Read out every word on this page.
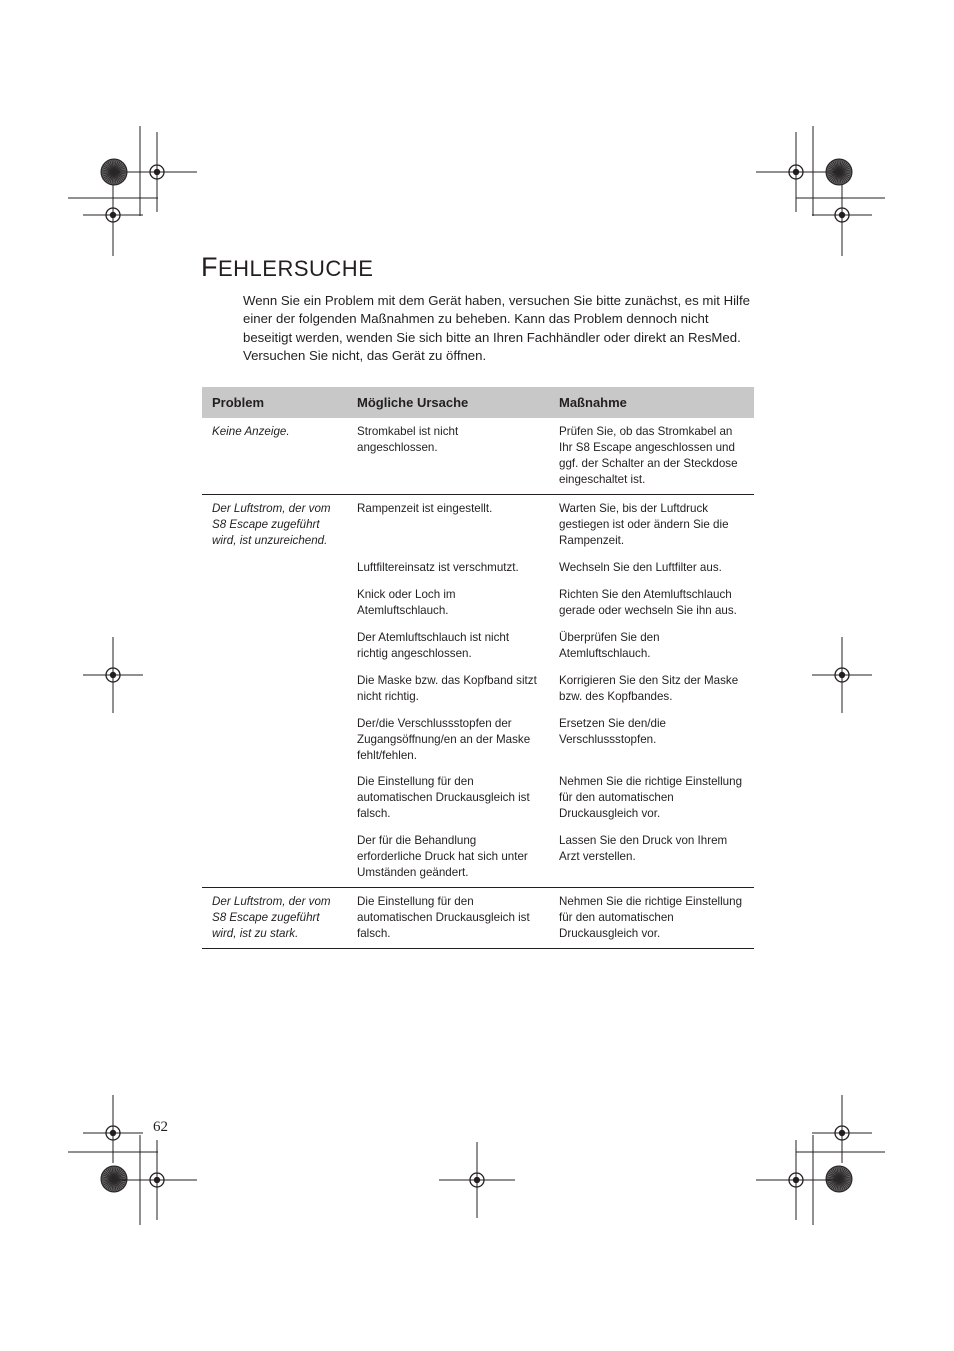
FEHLERSUCHE

Wenn Sie ein Problem mit dem Gerät haben, versuchen Sie bitte zunächst, es mit Hilfe einer der folgenden Maßnahmen zu beheben. Kann das Problem dennoch nicht beseitigt werden, wenden Sie sich bitte an Ihren Fachhändler oder direkt an ResMed. Versuchen Sie nicht, das Gerät zu öffnen.

Problem	Mögliche Ursache	Maßnahme
Keine Anzeige.	Stromkabel ist nicht angeschlossen.	Prüfen Sie, ob das Stromkabel an Ihr S8 Escape angeschlossen und ggf. der Schalter an der Steckdose eingeschaltet ist.
Der Luftstrom, der vom S8 Escape zugeführt wird, ist unzureichend.	Rampenzeit ist eingestellt.	Warten Sie, bis der Luftdruck gestiegen ist oder ändern Sie die Rampenzeit.
	Luftfiltereinsatz ist verschmutzt.	Wechseln Sie den Luftfilter aus.
	Knick oder Loch im Atemluftschlauch.	Richten Sie den Atemluftschlauch gerade oder wechseln Sie ihn aus.
	Der Atemluftschlauch ist nicht richtig angeschlossen.	Überprüfen Sie den Atemluftschlauch.
	Die Maske bzw. das Kopfband sitzt nicht richtig.	Korrigieren Sie den Sitz der Maske bzw. des Kopfbandes.
	Der/die Verschlussstopfen der Zugangsöffnung/en an der Maske fehlt/fehlen.	Ersetzen Sie den/die Verschlussstopfen.
	Die Einstellung für den automatischen Druckausgleich ist falsch.	Nehmen Sie die richtige Einstellung für den automatischen Druckausgleich vor.
	Der für die Behandlung erforderliche Druck hat sich unter Umständen geändert.	Lassen Sie den Druck von Ihrem Arzt verstellen.
Der Luftstrom, der vom S8 Escape zugeführt wird, ist zu stark.	Die Einstellung für den automatischen Druckausgleich ist falsch.	Nehmen Sie die richtige Einstellung für den automatischen Druckausgleich vor.
62
